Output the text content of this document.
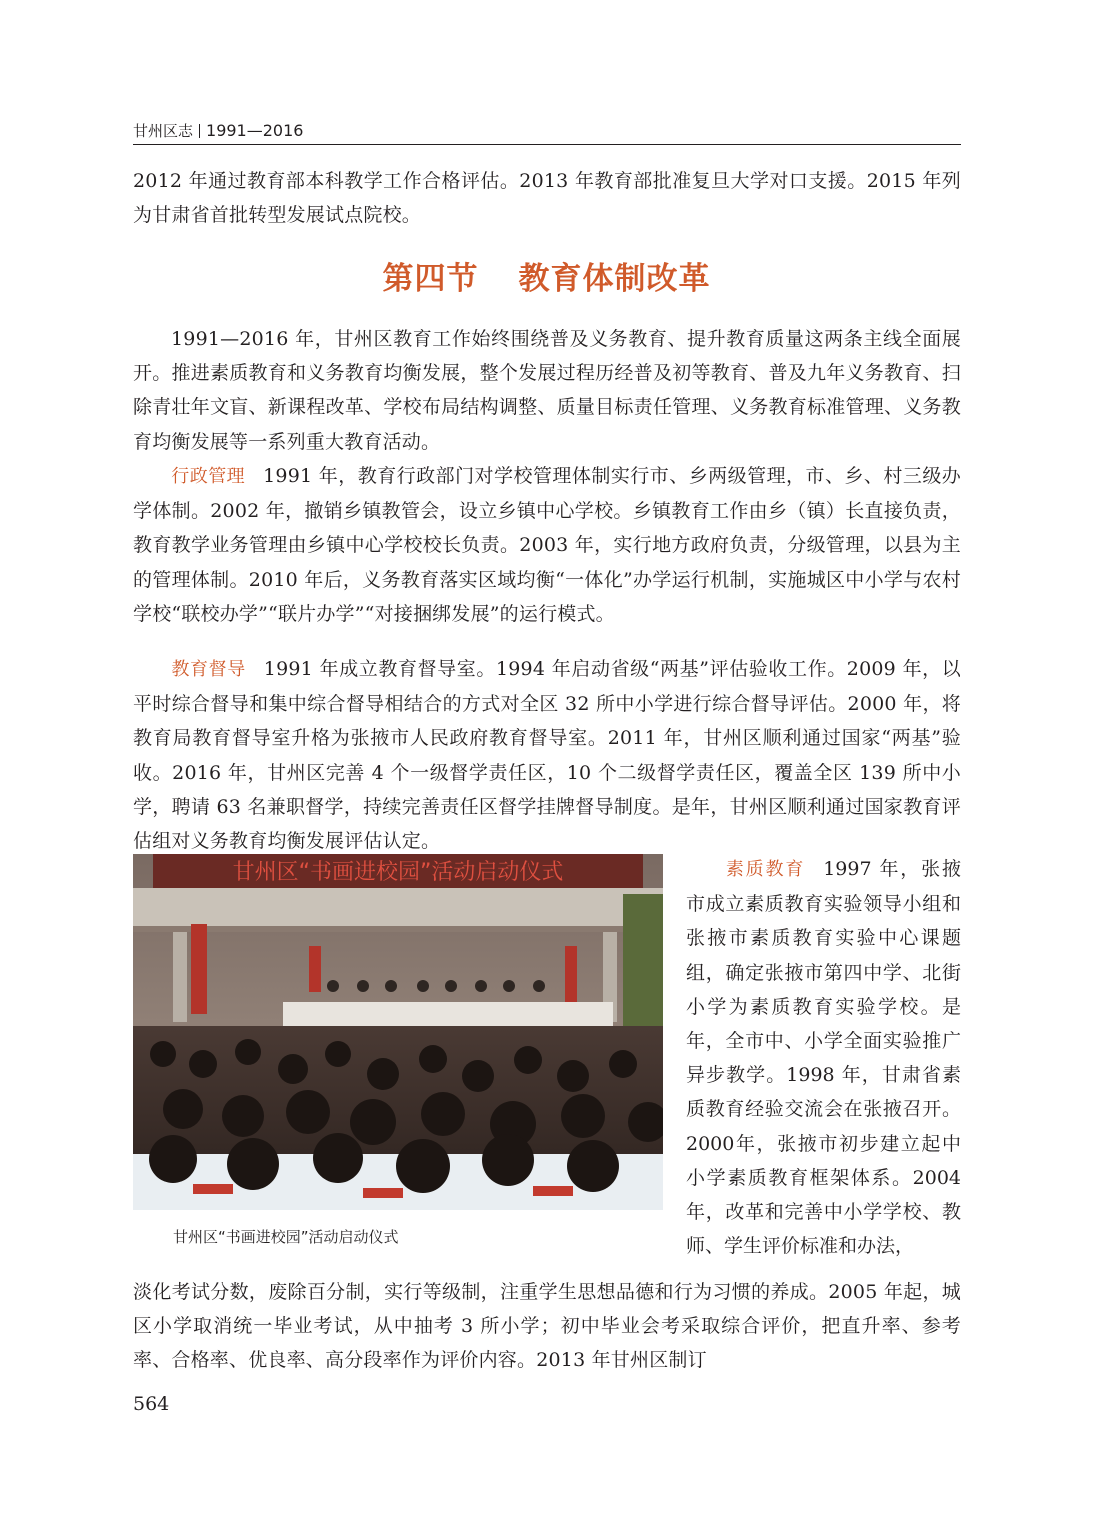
甘州区志 1991—2016
2012 年通过教育部本科教学工作合格评估。2013 年教育部批准复旦大学对口支援。2015 年列为甘肃省首批转型发展试点院校。
第四节 教育体制改革
1991—2016 年，甘州区教育工作始终围绕普及义务教育、提升教育质量这两条主线全面展开。推进素质教育和义务教育均衡发展，整个发展过程历经普及初等教育、普及九年义务教育、扫除青壮年文盲、新课程改革、学校布局结构调整、质量目标责任管理、义务教育标准管理、义务教育均衡发展等一系列重大教育活动。
行政管理 1991 年，教育行政部门对学校管理体制实行市、乡两级管理，市、乡、村三级办学体制。2002 年，撤销乡镇教管会，设立乡镇中心学校。乡镇教育工作由乡（镇）长直接负责，教育教学业务管理由乡镇中心学校校长负责。2003 年，实行地方政府负责，分级管理，以县为主的管理体制。2010 年后，义务教育落实区域均衡“一体化”办学运行机制，实施城区中小学与农村学校“联校办学”“联片办学”“对接捆绑发展”的运行模式。
教育督导 1991 年成立教育督导室。1994 年启动省级“两基”评估验收工作。2009 年，以平时综合督导和集中综合督导相结合的方式对全区 32 所中小学进行综合督导评估。2000 年，将教育局教育督导室升格为张掖市人民政府教育督导室。2011 年，甘州区顺利通过国家“两基”验收。2016 年，甘州区完善 4 个一级督学责任区，10 个二级督学责任区，覆盖全区 139 所中小学，聘请 63 名兼职督学，持续完善责任区督学挂牌督导制度。是年，甘州区顺利通过国家教育评估组对义务教育均衡发展评估认定。
甘州区“书画进校园”活动启动仪式
甘州区“书画进校园”活动启动仪式
素质教育 1997 年，张掖市成立素质教育实验领导小组和张掖市素质教育实验中心课题组，确定张掖市第四中学、北街小学为素质教育实验学校。是年，全市中、小学全面实验推广异步教学。1998 年，甘肃省素质教育经验交流会在张掖召开。2000年，张掖市初步建立起中小学素质教育框架体系。2004年，改革和完善中小学学校、教师、学生评价标准和办法，
淡化考试分数，废除百分制，实行等级制，注重学生思想品德和行为习惯的养成。2005 年起，城区小学取消统一毕业考试，从中抽考 3 所小学；初中毕业会考采取综合评价，把直升率、参考率、合格率、优良率、高分段率作为评价内容。2013 年甘州区制订
564
